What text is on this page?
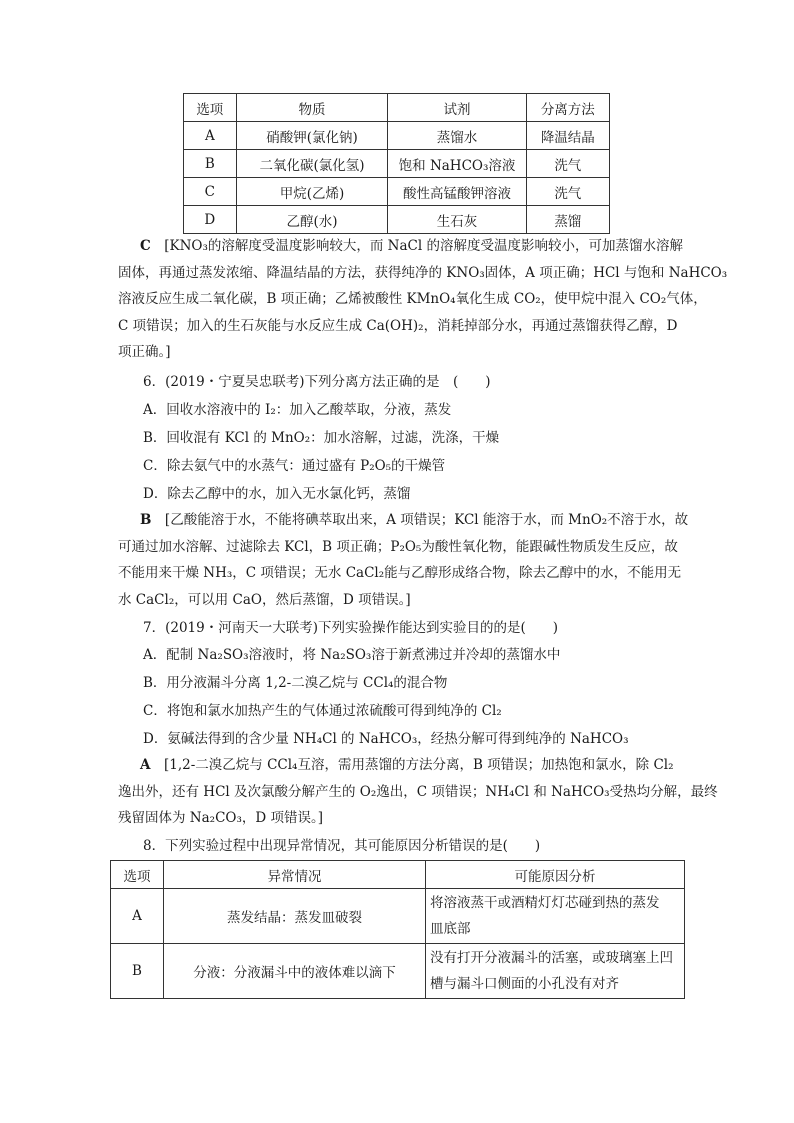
选项	物质	试剂	分离方法
A	硝酸钾(氯化钠)	蒸馏水	降温结晶
B	二氧化碳(氯化氢)	饱和 NaHCO₃溶液	洗气
C	甲烷(乙烯)	酸性高锰酸钾溶液	洗气
D	乙醇(水)	生石灰	蒸馏

C　 [KNO₃的溶解度受温度影响较大，而 NaCl 的溶解度受温度影响较小，可加蒸馏水溶解

固体，再通过蒸发浓缩、降温结晶的方法，获得纯净的 KNO₃固体，A 项正确；HCl 与饱和 NaHCO₃

溶液反应生成二氧化碳，B 项正确；乙烯被酸性 KMnO₄氧化生成 CO₂，使甲烷中混入 CO₂气体，

C 项错误；加入的生石灰能与水反应生成 Ca(OH)₂，消耗掉部分水，再通过蒸馏获得乙醇，D

项正确。]

6．(2019・宁夏吴忠联考)下列分离方法正确的是　(　　)

A．回收水溶液中的 I₂：加入乙酸萃取，分液，蒸发

B．回收混有 KCl 的 MnO₂：加水溶解，过滤，洗涤，干燥

C．除去氨气中的水蒸气：通过盛有 P₂O₅的干燥管

D．除去乙醇中的水，加入无水氯化钙，蒸馏

B　 [乙酸能溶于水，不能将碘萃取出来，A 项错误；KCl 能溶于水，而 MnO₂不溶于水，故

可通过加水溶解、过滤除去 KCl，B 项正确；P₂O₅为酸性氧化物，能跟碱性物质发生反应，故

不能用来干燥 NH₃，C 项错误；无水 CaCl₂能与乙醇形成络合物，除去乙醇中的水，不能用无

水 CaCl₂，可以用 CaO，然后蒸馏，D 项错误。]

7．(2019・河南天一大联考)下列实验操作能达到实验目的的是(　　)

A．配制 Na₂SO₃溶液时，将 Na₂SO₃溶于新煮沸过并冷却的蒸馏水中

B．用分液漏斗分离 1,2-二溴乙烷与 CCl₄的混合物

C．将饱和氯水加热产生的气体通过浓硫酸可得到纯净的 Cl₂

D．氨碱法得到的含少量 NH₄Cl 的 NaHCO₃，经热分解可得到纯净的 NaHCO₃

A　 [1,2-二溴乙烷与 CCl₄互溶，需用蒸馏的方法分离，B 项错误；加热饱和氯水，除 Cl₂

逸出外，还有 HCl 及次氯酸分解产生的 O₂逸出，C 项错误；NH₄Cl 和 NaHCO₃受热均分解，最终

残留固体为 Na₂CO₃，D 项错误。]

8．下列实验过程中出现异常情况，其可能原因分析错误的是(　　)
选项	异常情况	可能原因分析
A	蒸发结晶：蒸发皿破裂	将溶液蒸干或酒精灯灯芯碰到热的蒸发
皿底部

B	分液：分液漏斗中的液体难以滴下	没有打开分液漏斗的活塞，或玻璃塞上凹
槽与漏斗口侧面的小孔没有对齐
